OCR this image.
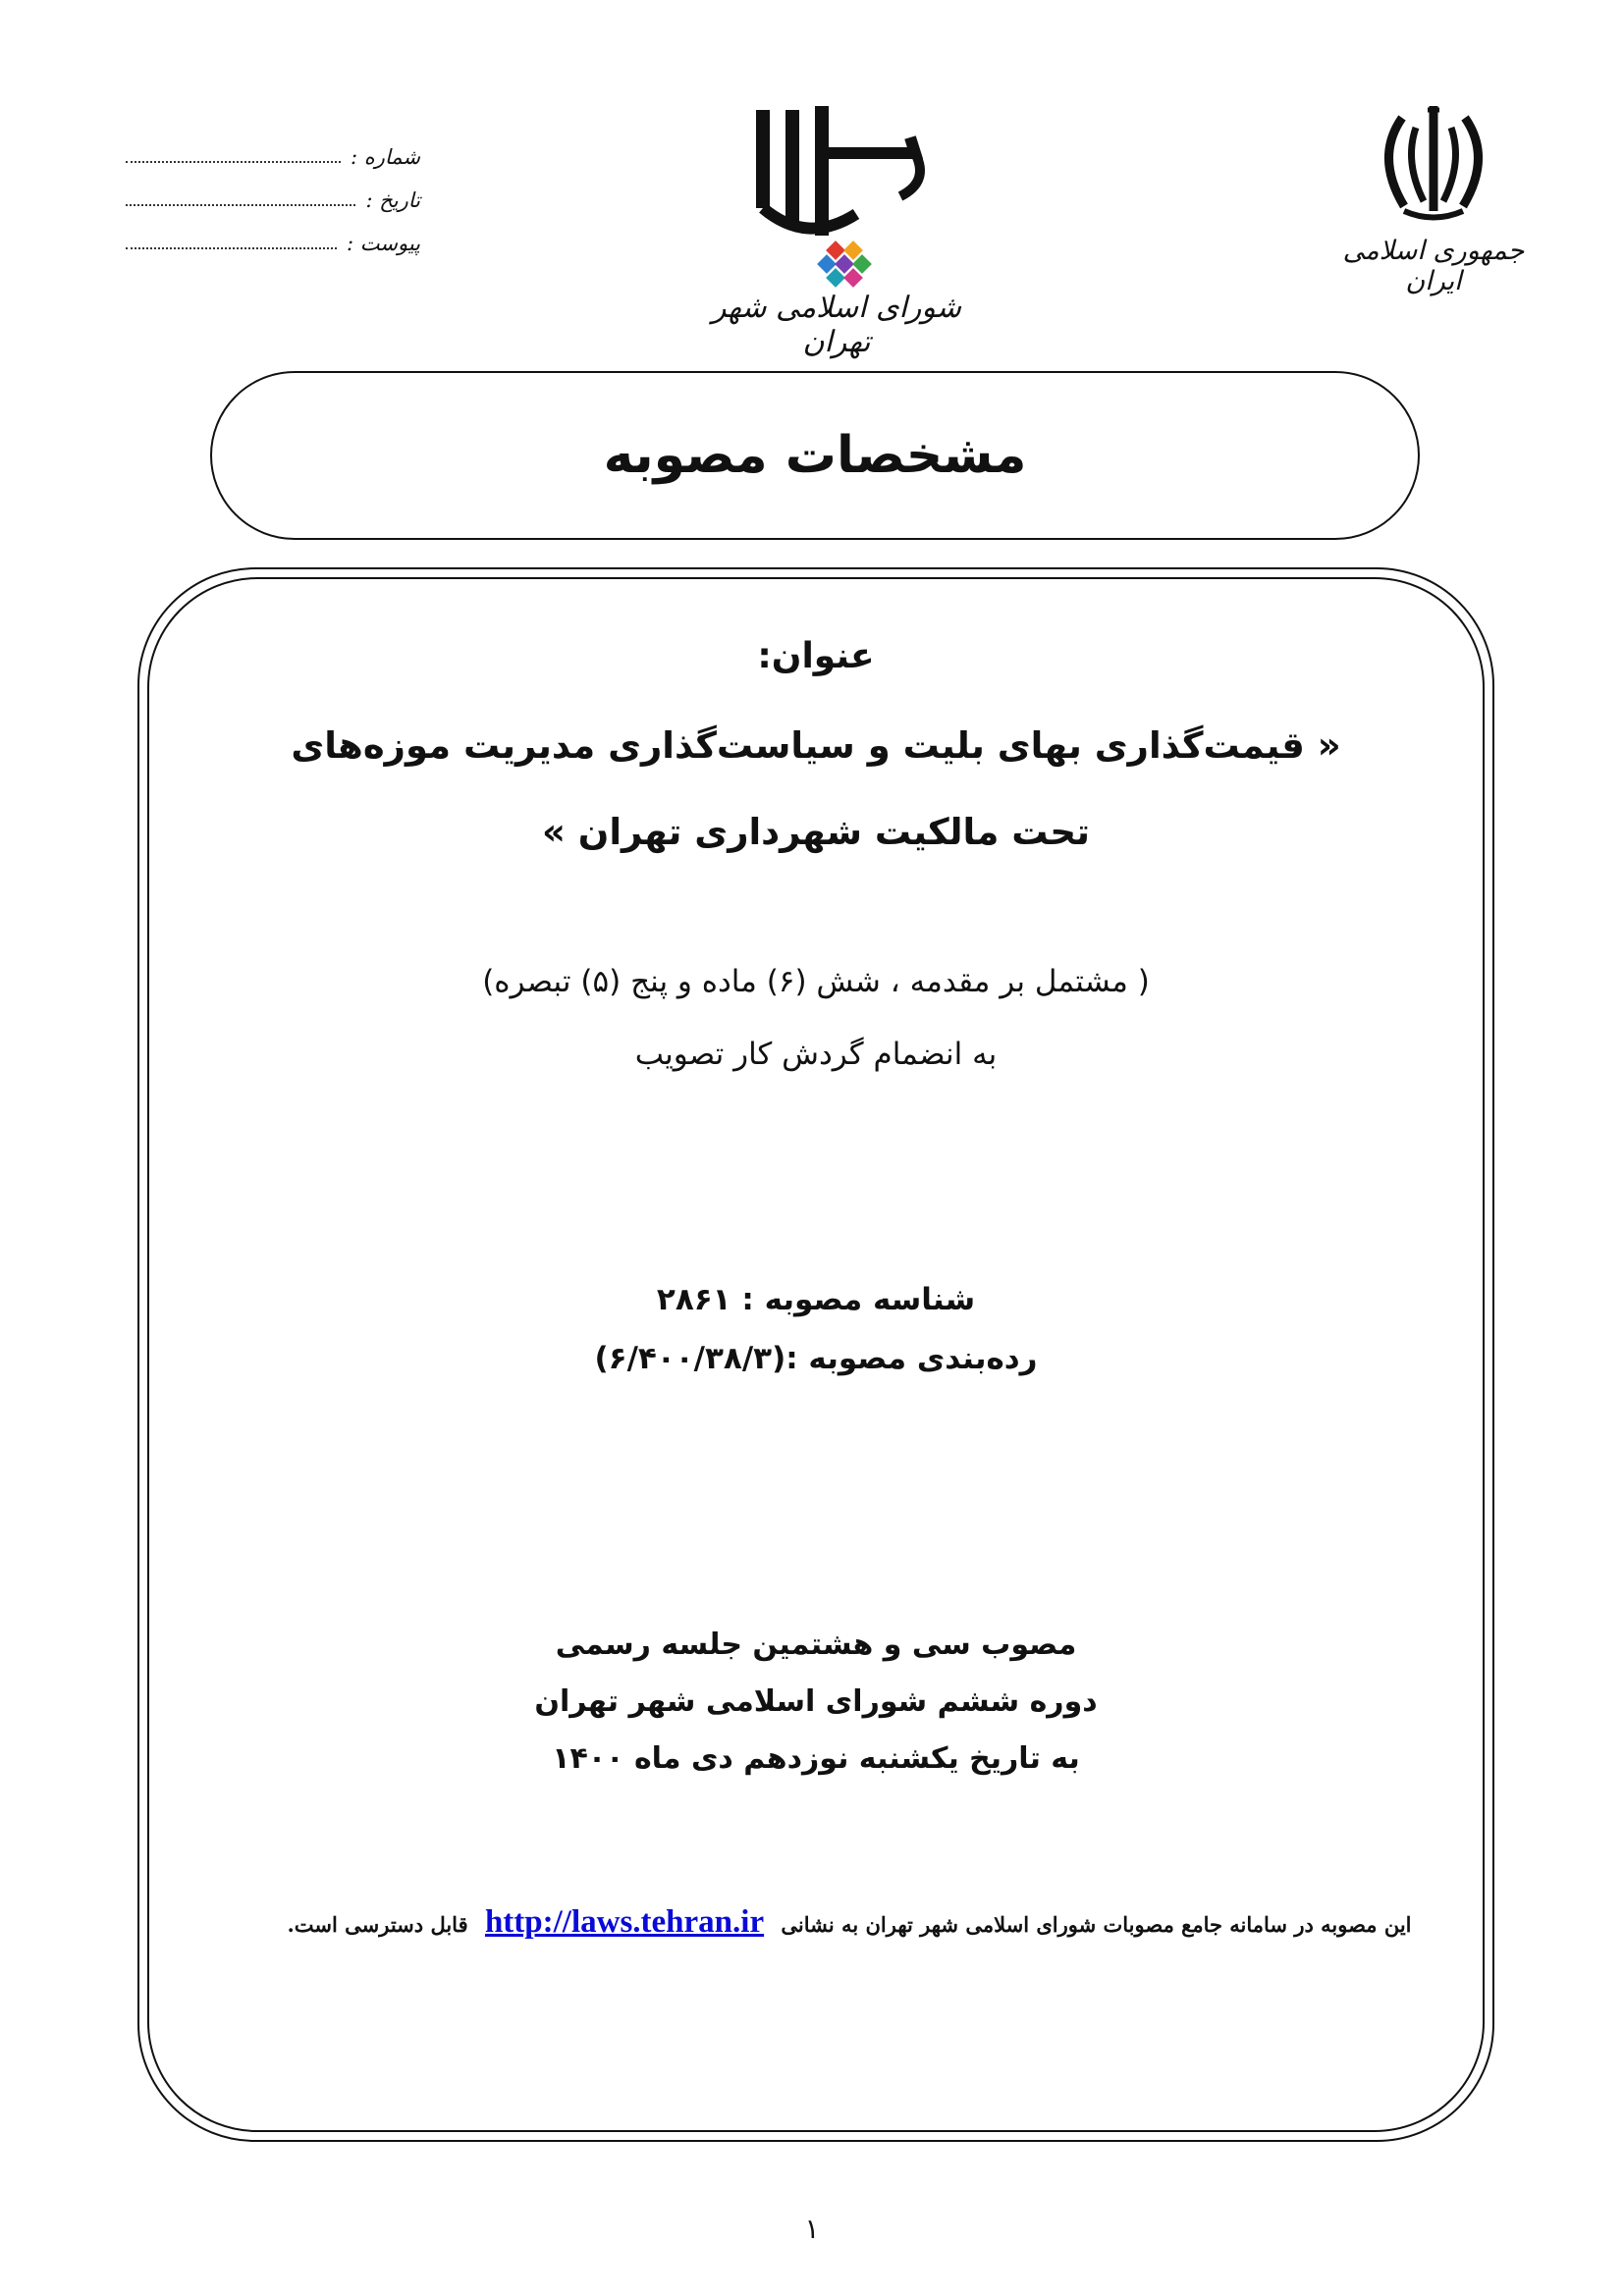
شماره :
تاریخ :
پیوست :
شورای اسلامی شهر تهران
جمهوری اسلامی ایران
مشخصات مصوبه
عنوان:
« قیمت‌گذاری بهای بلیت و سیاست‌گذاری مدیریت موزه‌های
تحت مالکیت شهرداری تهران »
( مشتمل بر مقدمه ، شش (۶) ماده و پنج (۵) تبصره)
به انضمام گردش کار تصویب
شناسه مصوبه : ۲۸۶۱
رده‌بندی مصوبه :(۶/۴۰۰/۳۸/۳)
مصوب سی و هشتمین جلسه رسمی
دوره ششم شورای اسلامی شهر تهران
به تاریخ یکشنبه نوزدهم دی ماه ۱۴۰۰
این مصوبه در سامانه جامع مصوبات شورای اسلامی شهر تهران به نشانی http://laws.tehran.ir قابل دسترسی است.
۱
